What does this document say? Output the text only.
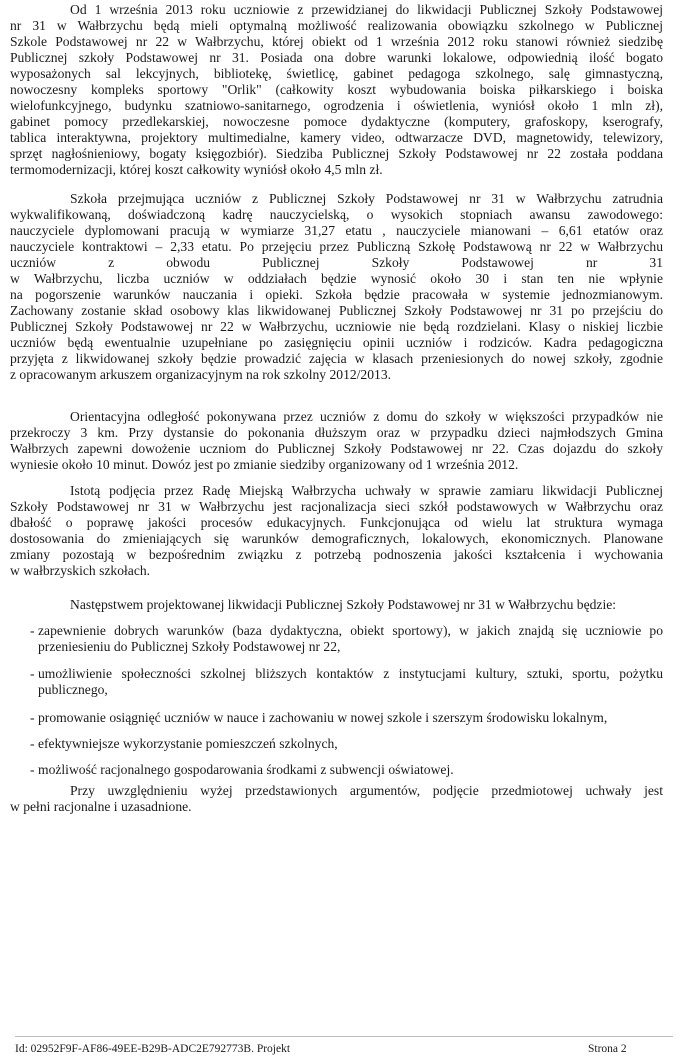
Od 1 września 2013 roku uczniowie z przewidzianej do likwidacji Publicznej Szkoły Podstawowej
nr 31 w Wałbrzychu będą mieli optymalną możliwość realizowania obowiązku szkolnego w Publicznej
Szkole Podstawowej nr 22 w Wałbrzychu, której obiekt od 1 września 2012 roku stanowi również siedzibę
Publicznej szkoły Podstawowej nr 31. Posiada ona dobre warunki lokalowe, odpowiednią ilość bogato
wyposażonych sal lekcyjnych, bibliotekę, świetlicę, gabinet pedagoga szkolnego, salę gimnastyczną,
nowoczesny kompleks sportowy "Orlik" (całkowity koszt wybudowania boiska piłkarskiego i boiska
wielofunkcyjnego, budynku szatniowo-sanitarnego, ogrodzenia i oświetlenia, wyniósł około 1 mln zł),
gabinet pomocy przedlekarskiej, nowoczesne pomoce dydaktyczne (komputery, grafoskopy, kserografy,
tablica interaktywna, projektory multimedialne, kamery video, odtwarzacze DVD, magnetowidy, telewizory,
sprzęt nagłośnieniowy, bogaty księgozbiór). Siedziba Publicznej Szkoły Podstawowej nr 22 została poddana
termomodernizacji, której koszt całkowity wyniósł około 4,5 mln zł.
Szkoła przejmująca uczniów z Publicznej Szkoły Podstawowej nr 31 w Wałbrzychu zatrudnia
wykwalifikowaną, doświadczoną kadrę nauczycielską, o wysokich stopniach awansu zawodowego:
nauczyciele dyplomowani pracują w wymiarze 31,27 etatu , nauczyciele mianowani – 6,61 etatów oraz
nauczyciele kontraktowi – 2,33 etatu. Po przejęciu przez Publiczną Szkołę Podstawową nr 22 w Wałbrzychu
uczniów z obwodu Publicznej Szkoły Podstawowej nr 31
w Wałbrzychu, liczba uczniów w oddziałach będzie wynosić około 30 i stan ten nie wpłynie
na pogorszenie warunków nauczania i opieki. Szkoła będzie pracowała w systemie jednozmianowym.
Zachowany zostanie skład osobowy klas likwidowanej Publicznej Szkoły Podstawowej nr 31 po przejściu do
Publicznej Szkoły Podstawowej nr 22 w Wałbrzychu, uczniowie nie będą rozdzielani. Klasy o niskiej liczbie
uczniów będą ewentualnie uzupełniane po zasięgnięciu opinii uczniów i rodziców. Kadra pedagogiczna
przyjęta z likwidowanej szkoły będzie prowadzić zajęcia w klasach przeniesionych do nowej szkoły, zgodnie
z opracowanym arkuszem organizacyjnym na rok szkolny 2012/2013.
Orientacyjna odległość pokonywana przez uczniów z domu do szkoły w większości przypadków nie
przekroczy 3 km. Przy dystansie do pokonania dłuższym oraz w przypadku dzieci najmłodszych Gmina
Wałbrzych zapewni dowożenie uczniom do Publicznej Szkoły Podstawowej nr 22. Czas dojazdu do szkoły
wyniesie około 10 minut. Dowóz jest po zmianie siedziby organizowany od 1 września 2012.
Istotą podjęcia przez Radę Miejską Wałbrzycha uchwały w sprawie zamiaru likwidacji Publicznej
Szkoły Podstawowej nr 31 w Wałbrzychu jest racjonalizacja sieci szkół podstawowych w Wałbrzychu oraz
dbałość o poprawę jakości procesów edukacyjnych. Funkcjonująca od wielu lat struktura wymaga
dostosowania do zmieniających się warunków demograficznych, lokalowych, ekonomicznych. Planowane
zmiany pozostają w bezpośrednim związku z potrzebą podnoszenia jakości kształcenia i wychowania
w wałbrzyskich szkołach.
Następstwem projektowanej likwidacji Publicznej Szkoły Podstawowej nr 31 w Wałbrzychu będzie:
- zapewnienie dobrych warunków (baza dydaktyczna, obiekt sportowy), w jakich znajdą się uczniowie po
przeniesieniu do Publicznej Szkoły Podstawowej nr 22,
- umożliwienie społeczności szkolnej bliższych kontaktów z instytucjami kultury, sztuki, sportu, pożytku
publicznego,
- promowanie osiągnięć uczniów w nauce i zachowaniu w nowej szkole i szerszym środowisku lokalnym,
- efektywniejsze wykorzystanie pomieszczeń szkolnych,
- możliwość racjonalnego gospodarowania środkami z subwencji oświatowej.
Przy uwzględnieniu wyżej przedstawionych argumentów, podjęcie przedmiotowej uchwały jest
w pełni racjonalne i uzasadnione.
Id: 02952F9F-AF86-49EE-B29B-ADC2E792773B. Projekt	Strona 2
